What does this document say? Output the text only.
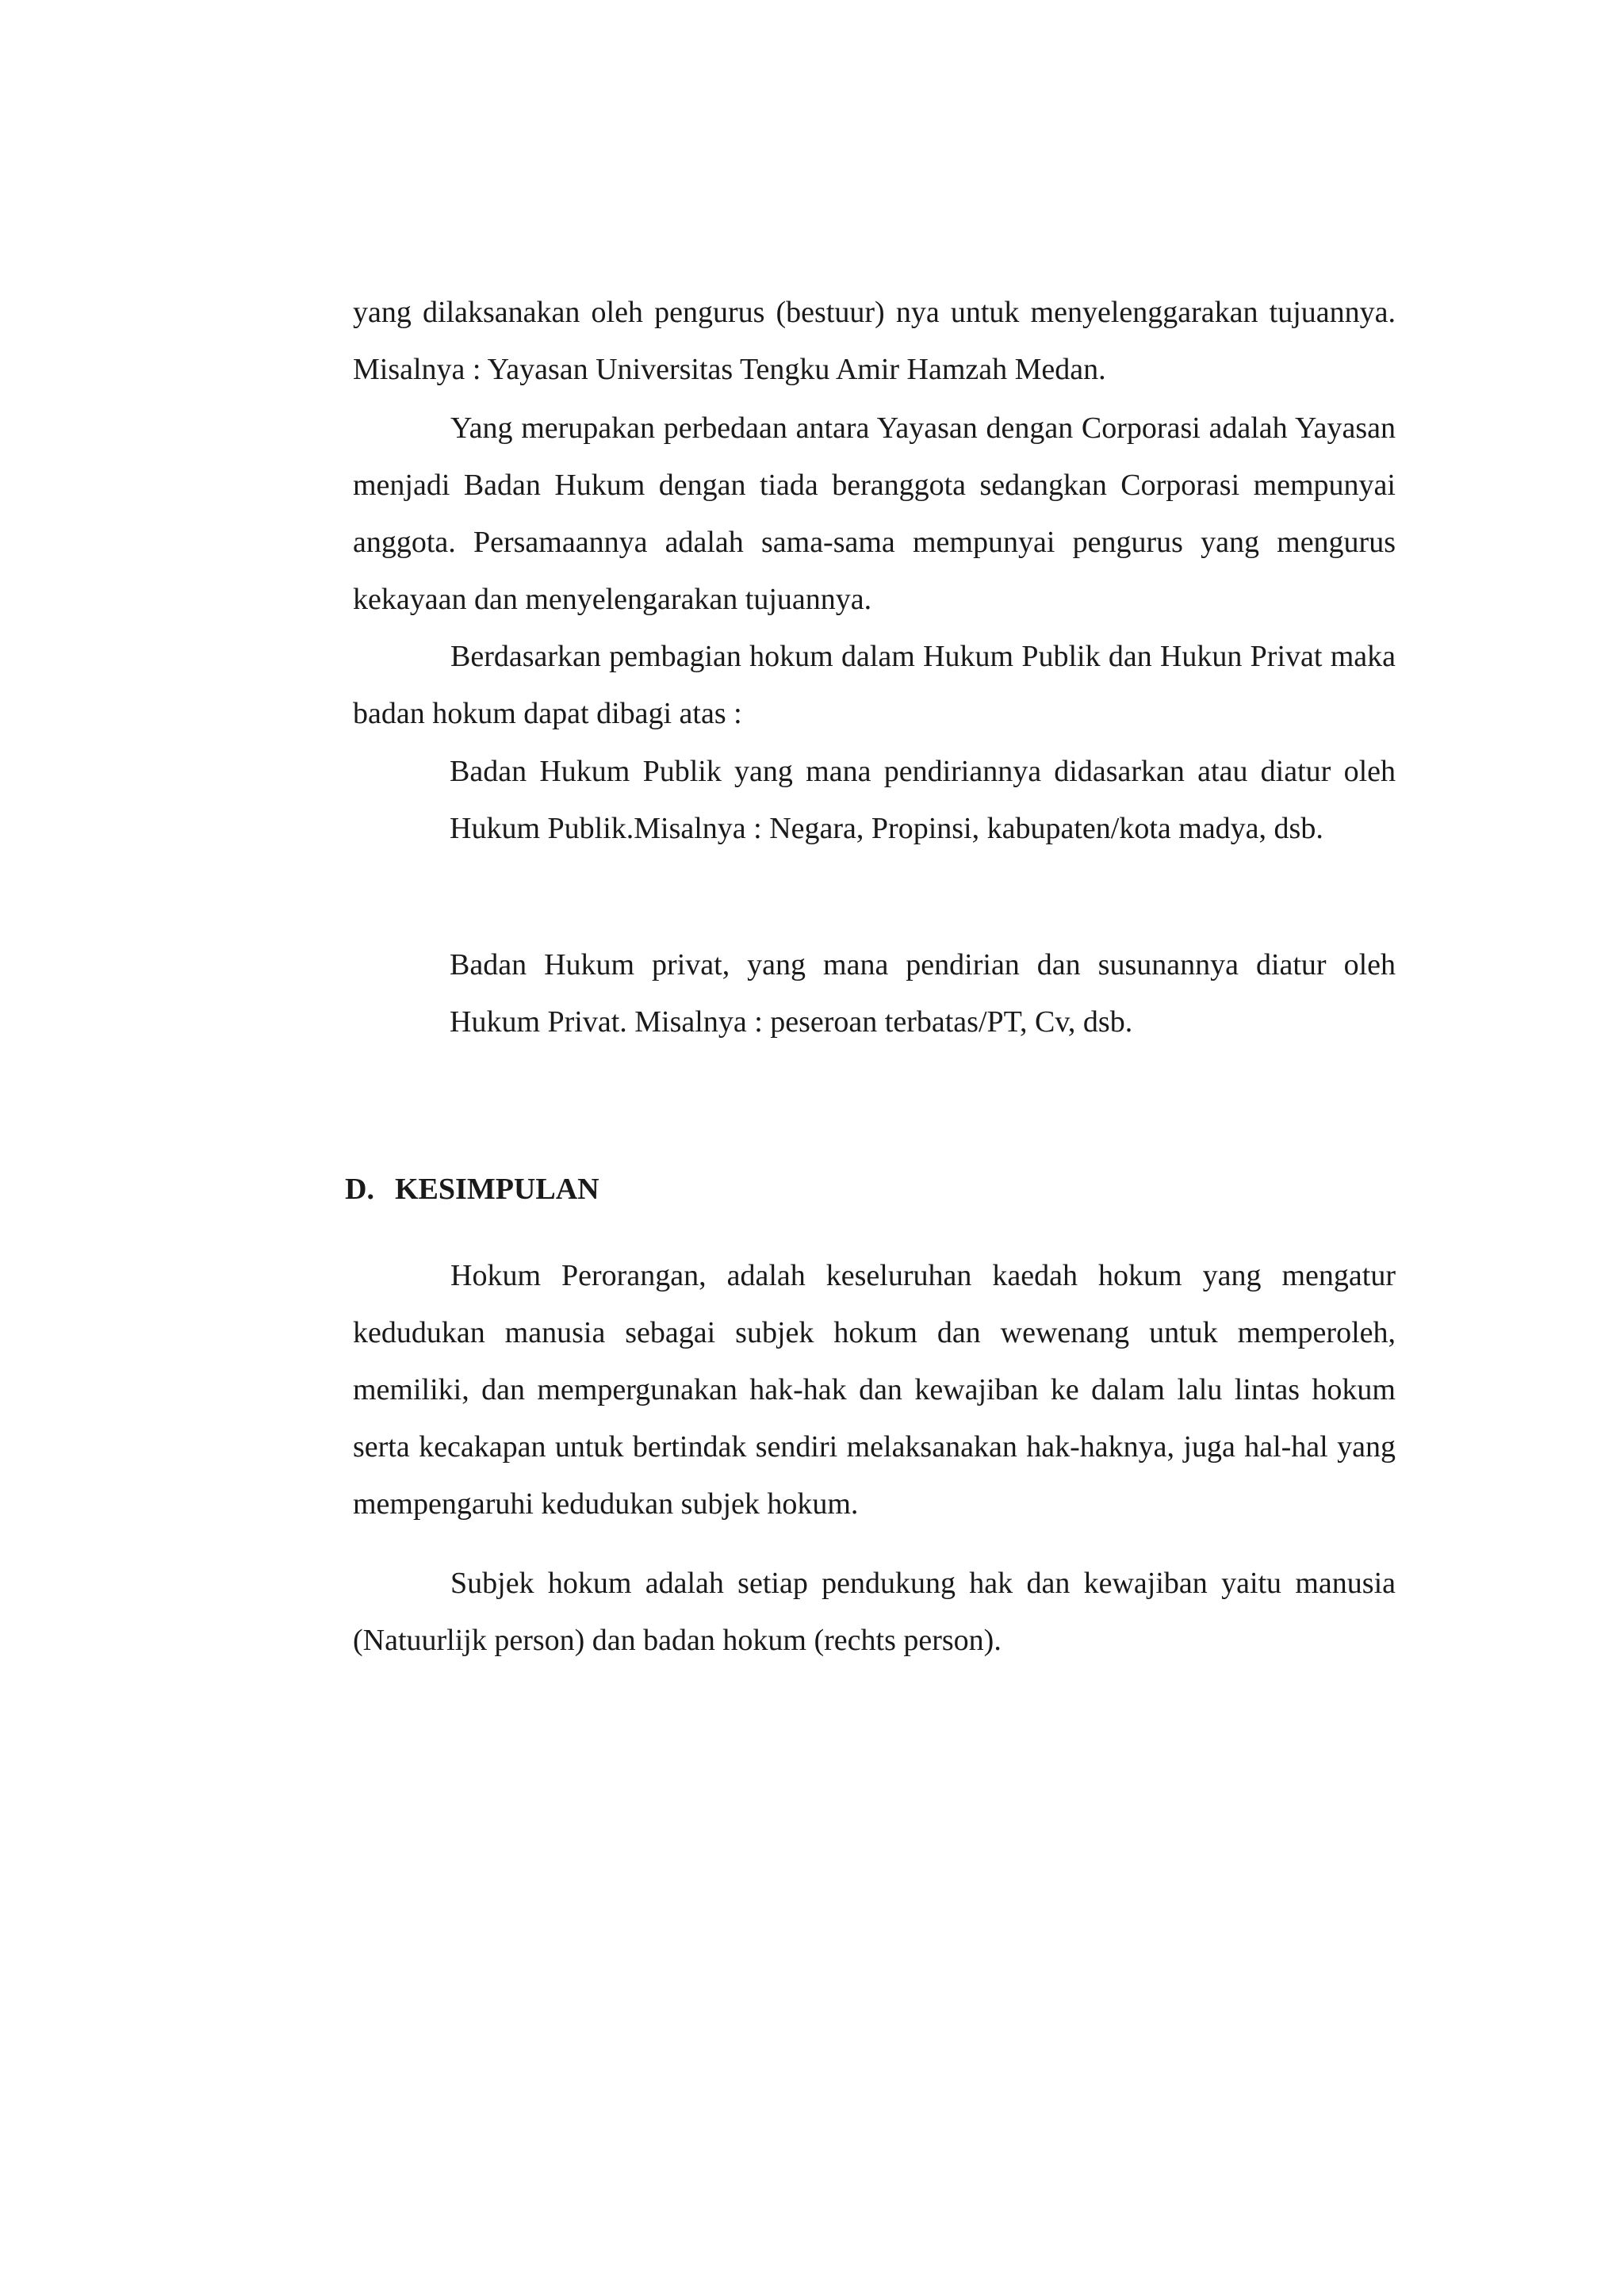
yang dilaksanakan oleh pengurus (bestuur) nya untuk menyelenggarakan tujuannya. Misalnya : Yayasan Universitas Tengku Amir Hamzah Medan.

Yang merupakan perbedaan antara Yayasan dengan Corporasi adalah Yayasan menjadi Badan Hukum dengan tiada beranggota sedangkan Corporasi mempunyai anggota. Persamaannya adalah sama-sama mempunyai pengurus yang mengurus kekayaan dan menyelengarakan tujuannya.

Berdasarkan pembagian hokum dalam Hukum Publik dan Hukun Privat maka badan hokum dapat dibagi atas :

Badan Hukum Publik yang mana pendiriannya didasarkan atau diatur oleh Hukum Publik.Misalnya : Negara, Propinsi, kabupaten/kota madya, dsb.

Badan Hukum privat, yang mana pendirian dan susunannya diatur oleh Hukum Privat. Misalnya : peseroan terbatas/PT, Cv, dsb.

D. KESIMPULAN

Hokum Perorangan, adalah keseluruhan kaedah hokum yang mengatur kedudukan manusia sebagai subjek hokum dan wewenang untuk memperoleh, memiliki, dan mempergunakan hak-hak dan kewajiban ke dalam lalu lintas hokum serta kecakapan untuk bertindak sendiri melaksanakan hak-haknya, juga hal-hal yang mempengaruhi kedudukan subjek hokum.

Subjek hokum adalah setiap pendukung hak dan kewajiban yaitu manusia (Natuurlijk person) dan badan hokum (rechts person).
